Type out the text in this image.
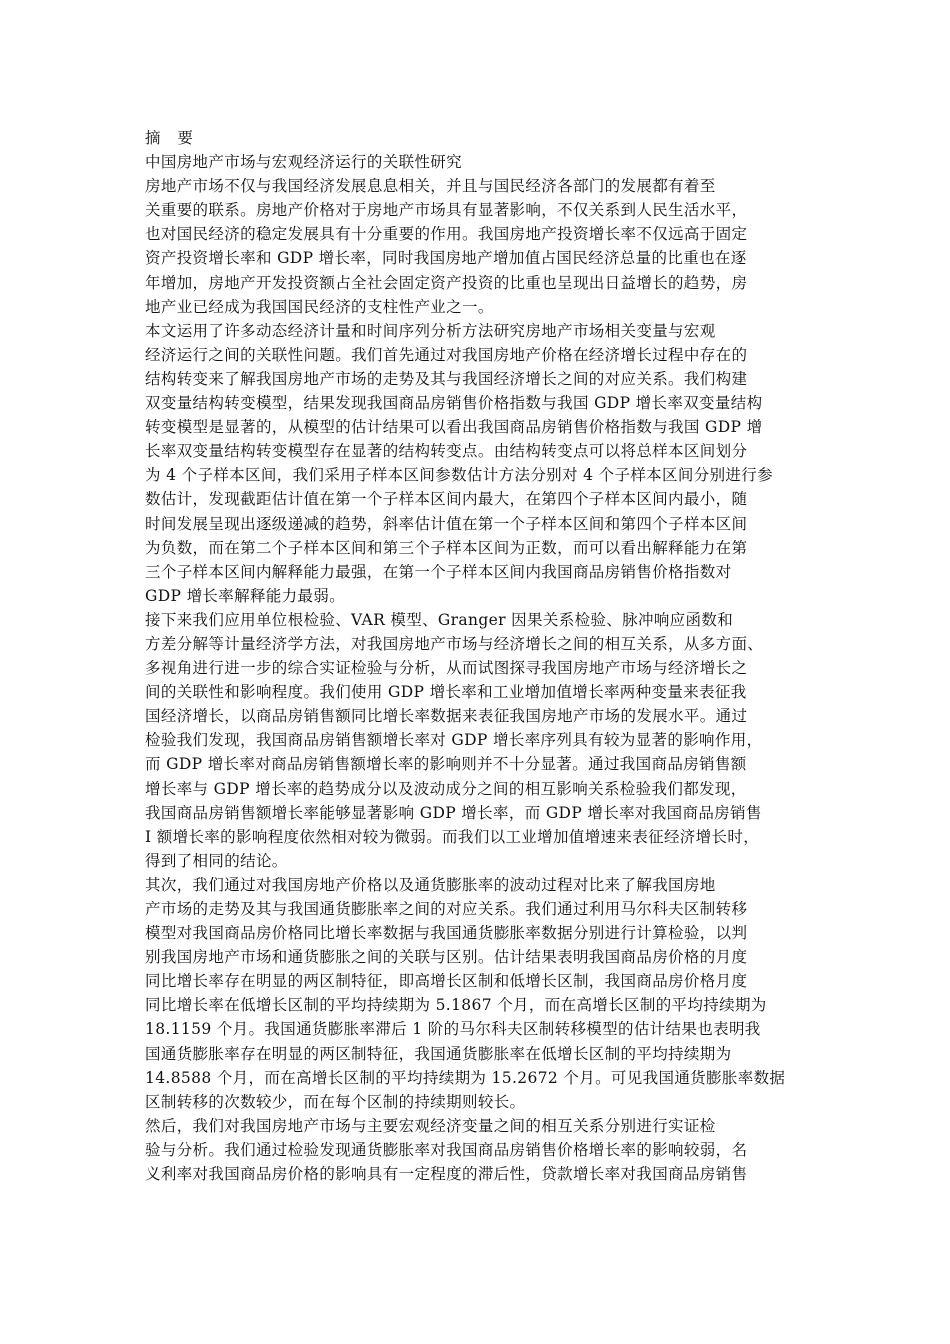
摘 要
中国房地产市场与宏观经济运行的关联性研究
房地产市场不仅与我国经济发展息息相关，并且与国民经济各部门的发展都有着至
关重要的联系。房地产价格对于房地产市场具有显著影响，不仅关系到人民生活水平，
也对国民经济的稳定发展具有十分重要的作用。我国房地产投资增长率不仅远高于固定
资产投资增长率和 GDP 增长率，同时我国房地产增加值占国民经济总量的比重也在逐
年增加，房地产开发投资额占全社会固定资产投资的比重也呈现出日益增长的趋势，房
地产业已经成为我国国民经济的支柱性产业之一。
本文运用了许多动态经济计量和时间序列分析方法研究房地产市场相关变量与宏观
经济运行之间的关联性问题。我们首先通过对我国房地产价格在经济增长过程中存在的
结构转变来了解我国房地产市场的走势及其与我国经济增长之间的对应关系。我们构建
双变量结构转变模型，结果发现我国商品房销售价格指数与我国 GDP 增长率双变量结构
转变模型是显著的，从模型的估计结果可以看出我国商品房销售价格指数与我国 GDP 增
长率双变量结构转变模型存在显著的结构转变点。由结构转变点可以将总样本区间划分
为 4 个子样本区间，我们采用子样本区间参数估计方法分别对 4 个子样本区间分别进行参
数估计，发现截距估计值在第一个子样本区间内最大，在第四个子样本区间内最小，随
时间发展呈现出逐级递减的趋势，斜率估计值在第一个子样本区间和第四个子样本区间
为负数，而在第二个子样本区间和第三个子样本区间为正数，而可以看出解释能力在第
三个子样本区间内解释能力最强，在第一个子样本区间内我国商品房销售价格指数对
GDP 增长率解释能力最弱。
接下来我们应用单位根检验、VAR 模型、Granger 因果关系检验、脉冲响应函数和
方差分解等计量经济学方法，对我国房地产市场与经济增长之间的相互关系，从多方面、
多视角进行进一步的综合实证检验与分析，从而试图探寻我国房地产市场与经济增长之
间的关联性和影响程度。我们使用 GDP 增长率和工业增加值增长率两种变量来表征我
国经济增长，以商品房销售额同比增长率数据来表征我国房地产市场的发展水平。通过
检验我们发现，我国商品房销售额增长率对 GDP 增长率序列具有较为显著的影响作用，
而 GDP 增长率对商品房销售额增长率的影响则并不十分显著。通过我国商品房销售额
增长率与 GDP 增长率的趋势成分以及波动成分之间的相互影响关系检验我们都发现，
我国商品房销售额增长率能够显著影响 GDP 增长率，而 GDP 增长率对我国商品房销售
I 额增长率的影响程度依然相对较为微弱。而我们以工业增加值增速来表征经济增长时，
得到了相同的结论。
其次，我们通过对我国房地产价格以及通货膨胀率的波动过程对比来了解我国房地
产市场的走势及其与我国通货膨胀率之间的对应关系。我们通过利用马尔科夫区制转移
模型对我国商品房价格同比增长率数据与我国通货膨胀率数据分别进行计算检验，以判
别我国房地产市场和通货膨胀之间的关联与区别。估计结果表明我国商品房价格的月度
同比增长率存在明显的两区制特征，即高增长区制和低增长区制，我国商品房价格月度
同比增长率在低增长区制的平均持续期为 5.1867 个月，而在高增长区制的平均持续期为
18.1159 个月。我国通货膨胀率滞后 1 阶的马尔科夫区制转移模型的估计结果也表明我
国通货膨胀率存在明显的两区制特征，我国通货膨胀率在低增长区制的平均持续期为
14.8588 个月，而在高增长区制的平均持续期为 15.2672 个月。可见我国通货膨胀率数据
区制转移的次数较少，而在每个区制的持续期则较长。
然后，我们对我国房地产市场与主要宏观经济变量之间的相互关系分别进行实证检
验与分析。我们通过检验发现通货膨胀率对我国商品房销售价格增长率的影响较弱，名
义利率对我国商品房价格的影响具有一定程度的滞后性，贷款增长率对我国商品房销售
